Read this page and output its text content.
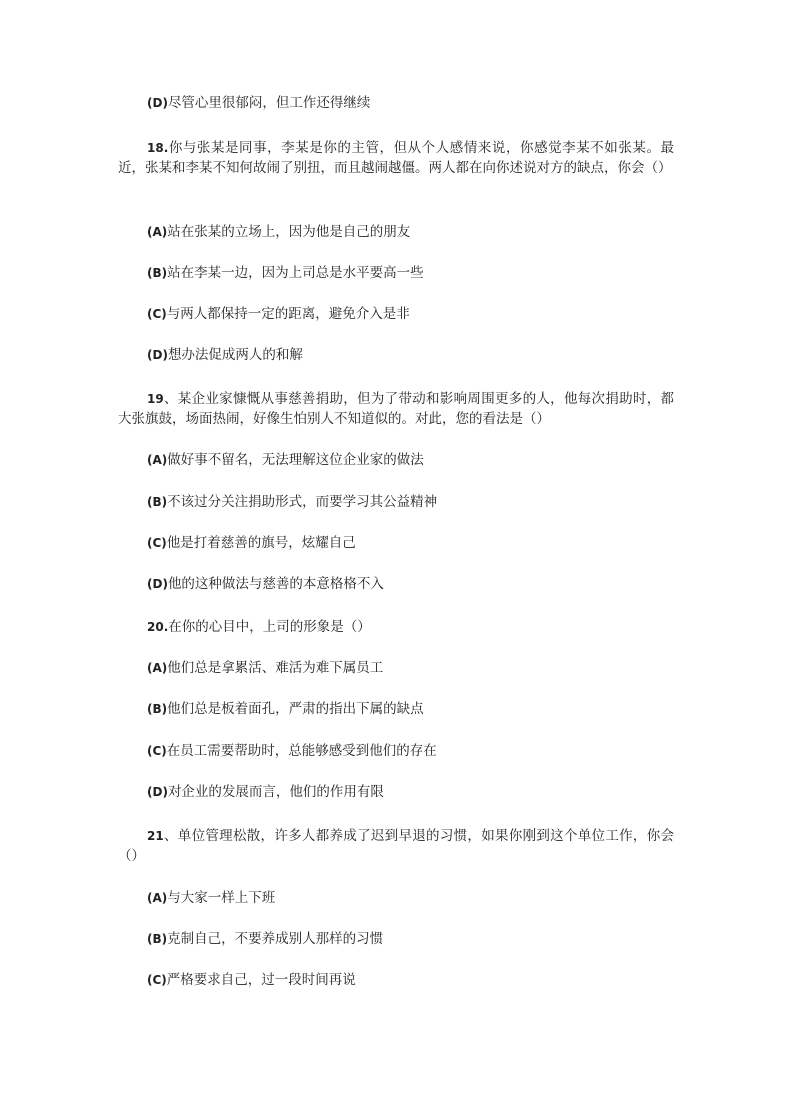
(D)尽管心里很郁闷，但工作还得继续

18.你与张某是同事，李某是你的主管，但从个人感情来说，你感觉李某不如张某。最近，张某和李某不知何故闹了别扭，而且越闹越僵。两人都在向你述说对方的缺点，你会（）

(A)站在张某的立场上，因为他是自己的朋友

(B)站在李某一边，因为上司总是水平要高一些

(C)与两人都保持一定的距离，避免介入是非

(D)想办法促成两人的和解

19、某企业家慷慨从事慈善捐助，但为了带动和影响周围更多的人，他每次捐助时，都大张旗鼓，场面热闹，好像生怕别人不知道似的。对此，您的看法是（）

(A)做好事不留名，无法理解这位企业家的做法

(B)不该过分关注捐助形式，而要学习其公益精神

(C)他是打着慈善的旗号，炫耀自己

(D)他的这种做法与慈善的本意格格不入

20.在你的心目中，上司的形象是（）

(A)他们总是拿累活、难活为难下属员工

(B)他们总是板着面孔，严肃的指出下属的缺点

(C)在员工需要帮助时，总能够感受到他们的存在

(D)对企业的发展而言，他们的作用有限

21、单位管理松散，许多人都养成了迟到早退的习惯，如果你刚到这个单位工作，你会（）

(A)与大家一样上下班

(B)克制自己，不要养成别人那样的习惯

(C)严格要求自己，过一段时间再说
